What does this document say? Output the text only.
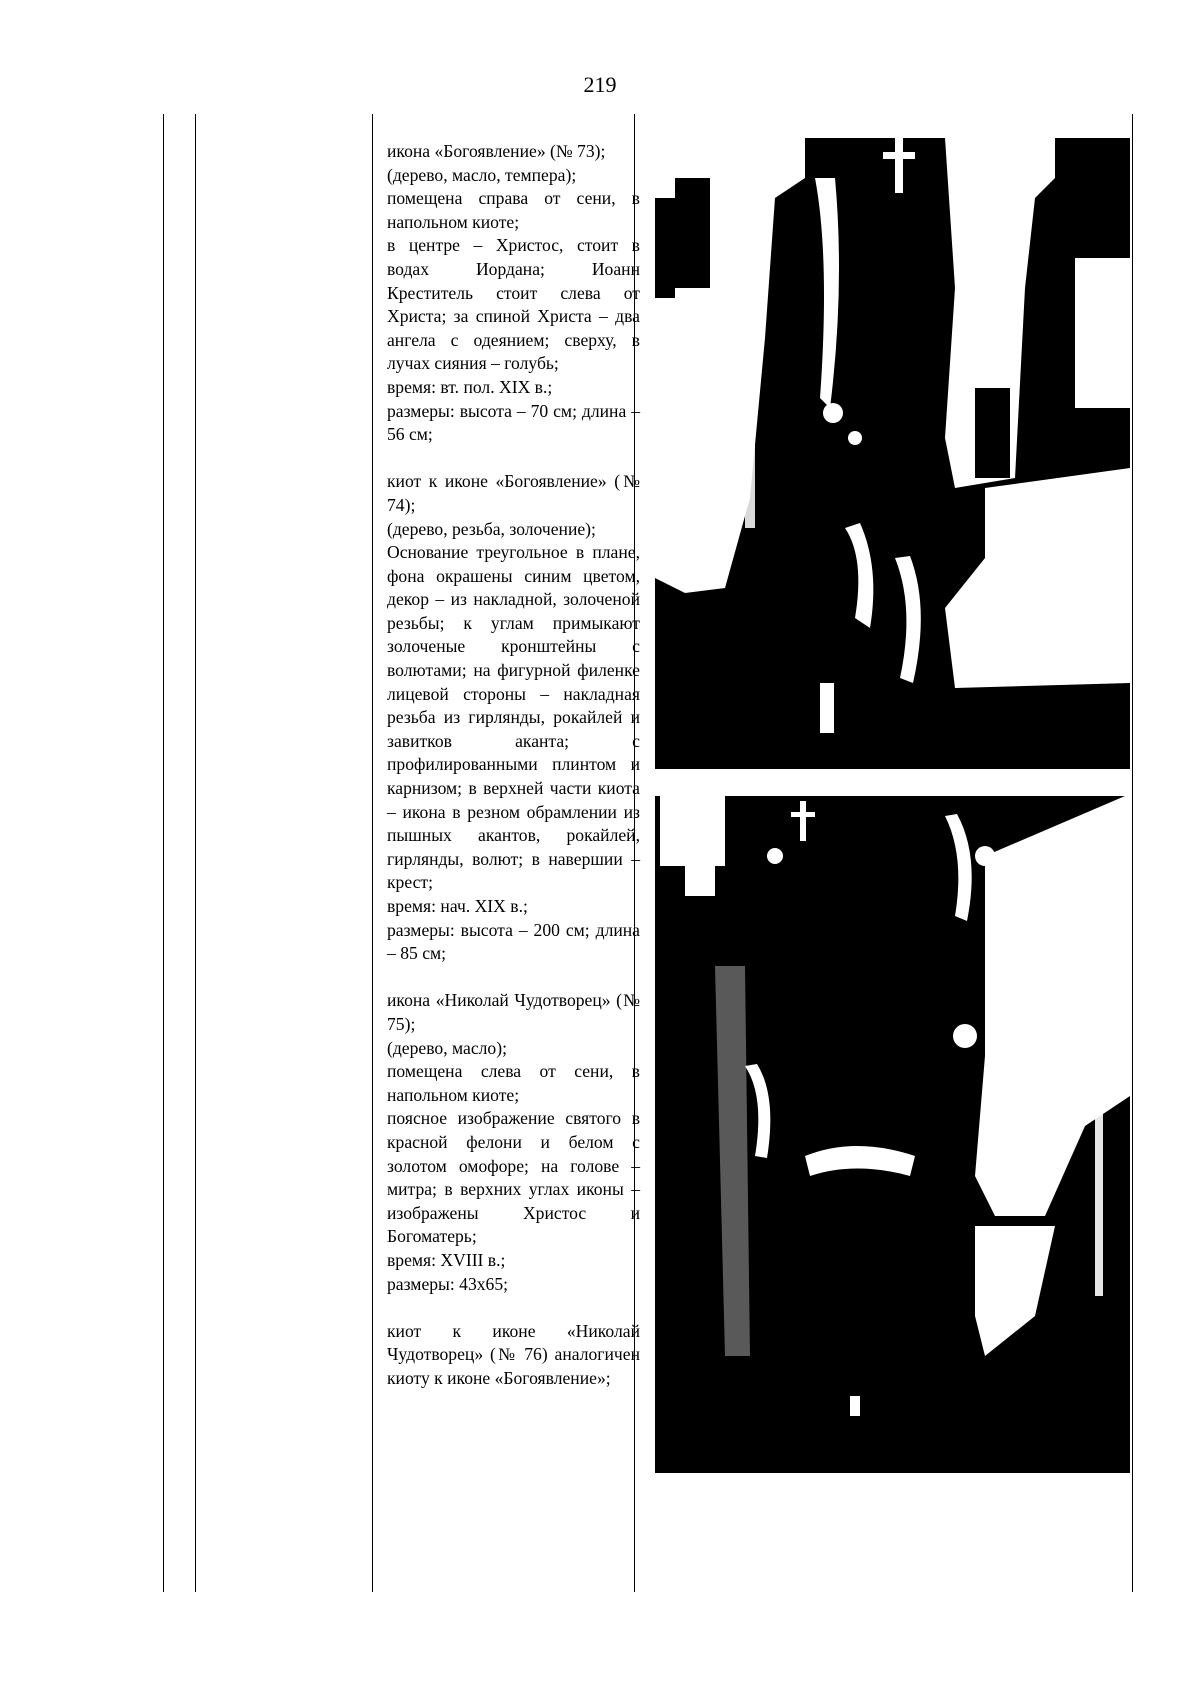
219

икона «Богоявление» (№ 73);

(дерево, масло, темпера);

помещена справа от сени, в напольном киоте;

в центре – Христос, стоит в водах Иордана; Иоанн Креститель стоит слева от Христа; за спиной Христа – два ангела с одеянием; сверху, в лучах сияния – голубь;

время: вт. пол. XIX в.;

размеры: высота – 70 см; длина – 56 см;

киот к иконе «Богоявление» (№ 74);

(дерево, резьба, золочение);

Основание треугольное в плане, фона окрашены синим цветом, декор – из накладной, золоченой резьбы; к углам примыкают золоченые кронштейны с волютами; на фигурной филенке лицевой стороны – накладная резьба из гирлянды, рокайлей и завитков аканта; с профилированными плинтом и карнизом; в верхней части киота – икона в резном обрамлении из пышных акантов, рокайлей, гирлянды, волют; в навершии – крест;

время: нач. XIX в.;

размеры: высота – 200 см; длина – 85 см;

икона «Николай Чудотворец» (№ 75);

(дерево, масло);

помещена слева от сени, в напольном киоте;

поясное изображение святого в красной фелони и белом с золотом омофоре; на голове – митра; в верхних углах иконы – изображены Христос и Богоматерь;

время: XVIII в.;

размеры: 43х65;

киот к иконе «Николай Чудотворец» (№ 76) аналогичен киоту к иконе «Богоявление»;
